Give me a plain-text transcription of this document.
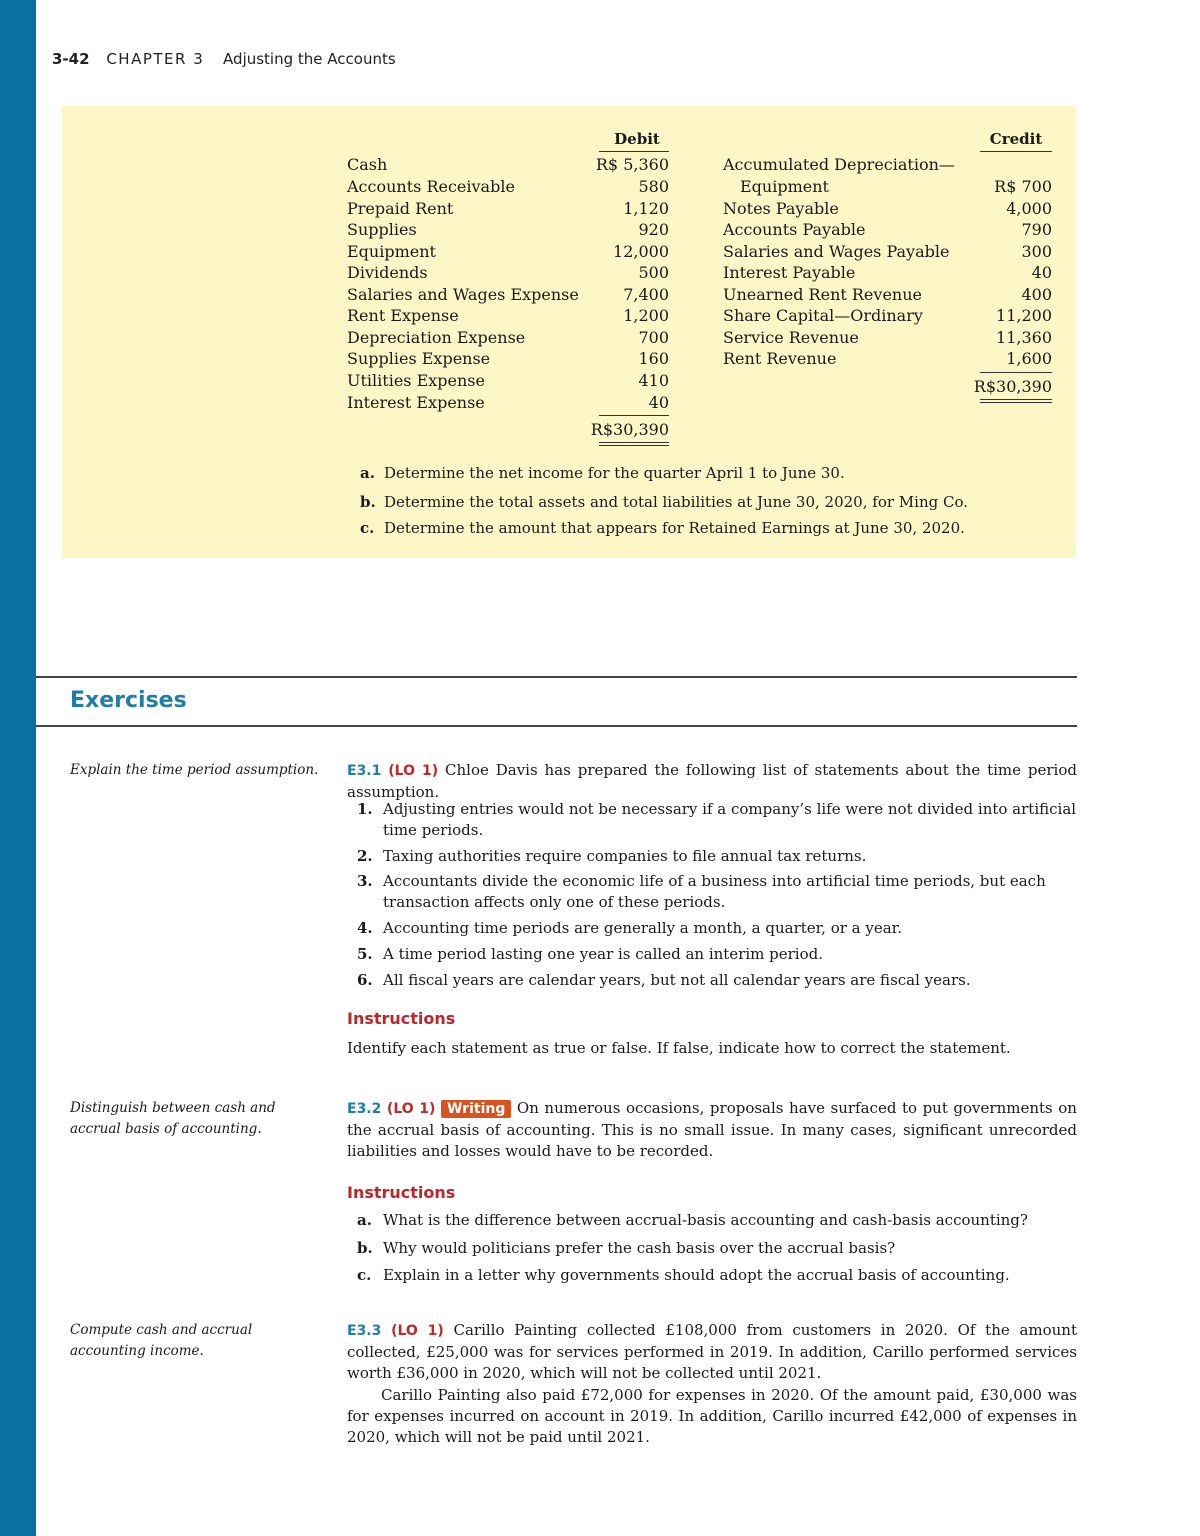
3-42 CHAPTER 3 Adjusting the Accounts
Debit	Credit
Cash	R$ 5,360
Accounts Receivable	580
Prepaid Rent	1,120
Supplies	920
Equipment	12,000
Dividends	500
Salaries and Wages Expense	7,400
Rent Expense	1,200
Depreciation Expense	700
Supplies Expense	160
Utilities Expense	410
Interest Expense	40
R$30,390
Accumulated Depreciation—
Equipment	R$ 700
Notes Payable	4,000
Accounts Payable	790
Salaries and Wages Payable	300
Interest Payable	40
Unearned Rent Revenue	400
Share Capital—Ordinary	11,200
Service Revenue	11,360
Rent Revenue	1,600
R$30,390
a. Determine the net income for the quarter April 1 to June 30.
b. Determine the total assets and total liabilities at June 30, 2020, for Ming Co.
c. Determine the amount that appears for Retained Earnings at June 30, 2020.
Exercises
Explain the time period assumption.	E3.1 (LO 1) Chloe Davis has prepared the following list of statements about the time period assumption.
1. Adjusting entries would not be necessary if a company’s life were not divided into artificial time periods.
2. Taxing authorities require companies to file annual tax returns.
3. Accountants divide the economic life of a business into artificial time periods, but each transaction affects only one of these periods.
4. Accounting time periods are generally a month, a quarter, or a year.
5. A time period lasting one year is called an interim period.
6. All fiscal years are calendar years, but not all calendar years are fiscal years.
Instructions
Identify each statement as true or false. If false, indicate how to correct the statement.
Distinguish between cash and accrual basis of accounting.
E3.2 (LO 1) Writing On numerous occasions, proposals have surfaced to put governments on the accrual basis of accounting. This is no small issue. In many cases, significant unrecorded liabilities and losses would have to be recorded.
Instructions
a. What is the difference between accrual-basis accounting and cash-basis accounting?
b. Why would politicians prefer the cash basis over the accrual basis?
c. Explain in a letter why governments should adopt the accrual basis of accounting.
Compute cash and accrual accounting income.
E3.3 (LO 1) Carillo Painting collected £108,000 from customers in 2020. Of the amount collected, £25,000 was for services performed in 2019. In addition, Carillo performed services worth £36,000 in 2020, which will not be collected until 2021.
Carillo Painting also paid £72,000 for expenses in 2020. Of the amount paid, £30,000 was for expenses incurred on account in 2019. In addition, Carillo incurred £42,000 of expenses in 2020, which will not be paid until 2021.
